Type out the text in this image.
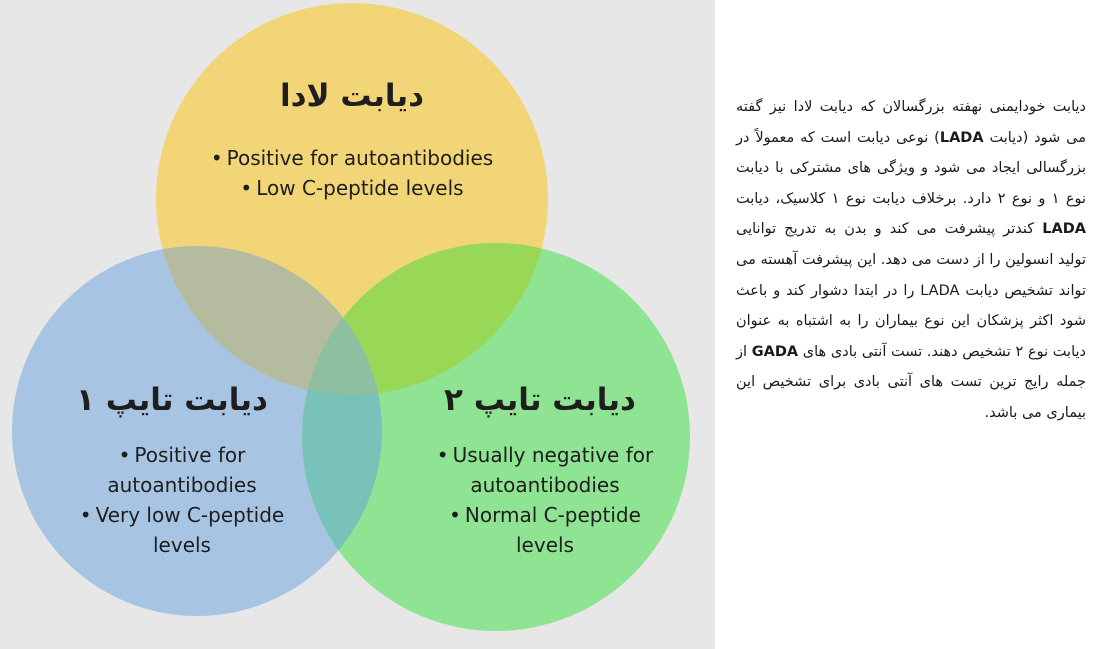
دیابت لادا
• Positive for autoantibodies
• Low C-peptide levels
دیابت تایپ ۱
• Positive for autoantibodies
• Very low C-peptide levels
دیابت تایپ ۲
• Usually negative for autoantibodies
• Normal C-peptide levels

دیابت خودایمنی نهفته بزرگسالان که دیابت لادا نیز گفته می شود (دیابت LADA) نوعی دیابت است که معمولاً در بزرگسالی ایجاد می شود و ویژگی های مشترکی با دیابت نوع ۱ و نوع ۲ دارد. برخلاف دیابت نوع ۱ کلاسیک، دیابت LADA کندتر پیشرفت می کند و بدن به تدریج توانایی تولید انسولین را از دست می دهد. این پیشرفت آهسته می تواند تشخیص دیابت LADA را در ابتدا دشوار کند و باعث شود اکثر پزشکان این نوع بیماران را به اشتباه به عنوان دیابت نوع ۲ تشخیص دهند. تست آنتی بادی های GADA از جمله رایج ترین تست های آنتی بادی برای تشخیص این بیماری می باشد.
